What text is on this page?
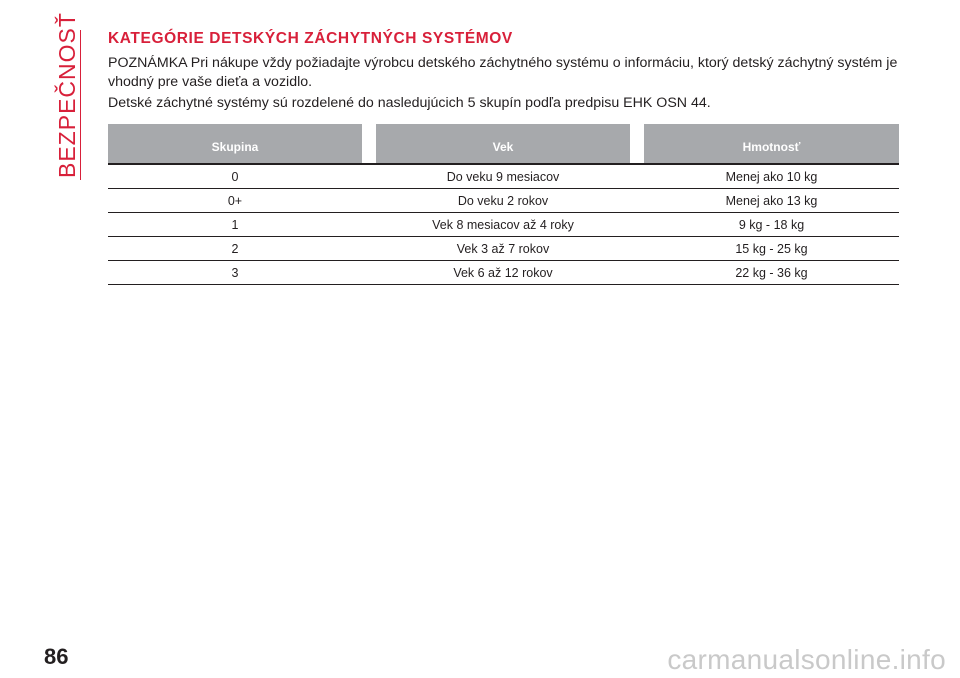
BEZPEČNOSŤ KATEGÓRIE DETSKÝCH ZÁCHYTNÝCH SYSTÉMOV
POZNÁMKA Pri nákupe vždy požiadajte výrobcu detského záchytného systému o informáciu, ktorý detský záchytný systém je vhodný pre vaše dieťa a vozidlo.
Detské záchytné systémy sú rozdelené do nasledujúcich 5 skupín podľa predpisu EHK OSN 44.
Skupina		Vek		Hmotnosť
0		Do veku 9 mesiacov		Menej ako 10 kg
0+		Do veku 2 rokov		Menej ako 13 kg
1		Vek 8 mesiacov až 4 roky		9 kg - 18 kg
2		Vek 3 až 7 rokov		15 kg - 25 kg
3		Vek 6 až 12 rokov		22 kg - 36 kg
86	carmanualsonline.info
